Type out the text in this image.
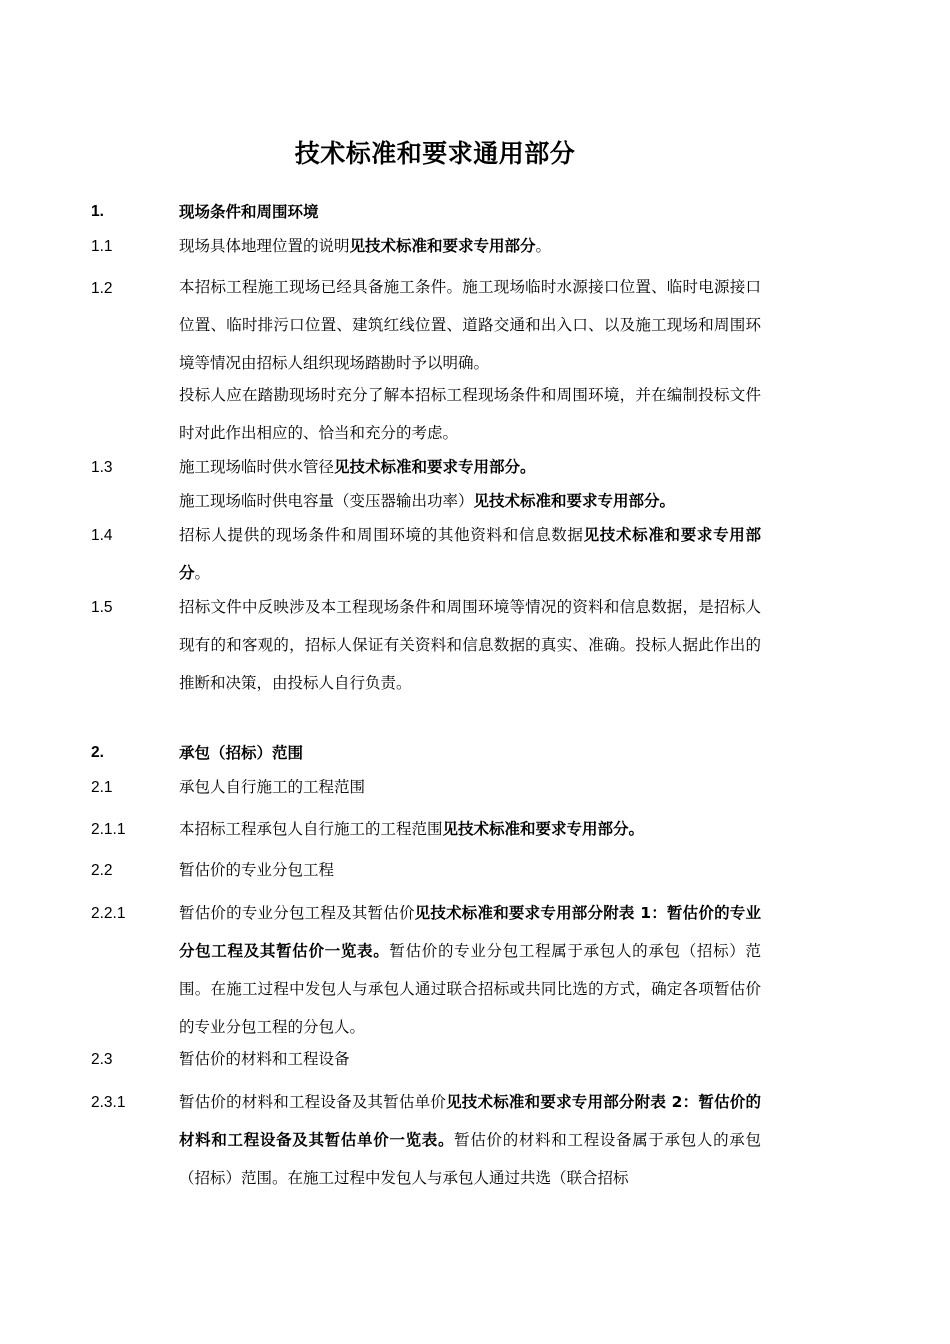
技术标准和要求通用部分
1.	现场条件和周围环境
1.1	现场具体地理位置的说明见技术标准和要求专用部分。
1.2	本招标工程施工现场已经具备施工条件。施工现场临时水源接口位置、临时电源接口位置、临时排污口位置、建筑红线位置、道路交通和出入口、以及施工现场和周围环境等情况由招标人组织现场踏勘时予以明确。
投标人应在踏勘现场时充分了解本招标工程现场条件和周围环境，并在编制投标文件时对此作出相应的、恰当和充分的考虑。
1.3	施工现场临时供水管径见技术标准和要求专用部分。
施工现场临时供电容量（变压器输出功率）见技术标准和要求专用部分。
1.4	招标人提供的现场条件和周围环境的其他资料和信息数据见技术标准和要求专用部分。
1.5	招标文件中反映涉及本工程现场条件和周围环境等情况的资料和信息数据，是招标人现有的和客观的，招标人保证有关资料和信息数据的真实、准确。投标人据此作出的推断和决策，由投标人自行负责。
2.	承包（招标）范围
2.1	承包人自行施工的工程范围
2.1.1	本招标工程承包人自行施工的工程范围见技术标准和要求专用部分。
2.2	暂估价的专业分包工程
2.2.1	暂估价的专业分包工程及其暂估价见技术标准和要求专用部分附表 1：暂估价的专业分包工程及其暂估价一览表。暂估价的专业分包工程属于承包人的承包（招标）范围。在施工过程中发包人与承包人通过联合招标或共同比选的方式，确定各项暂估价的专业分包工程的分包人。
2.3	暂估价的材料和工程设备
2.3.1	暂估价的材料和工程设备及其暂估单价见技术标准和要求专用部分附表 2：暂估价的材料和工程设备及其暂估单价一览表。暂估价的材料和工程设备属于承包人的承包（招标）范围。在施工过程中发包人与承包人通过共选（联合招标
